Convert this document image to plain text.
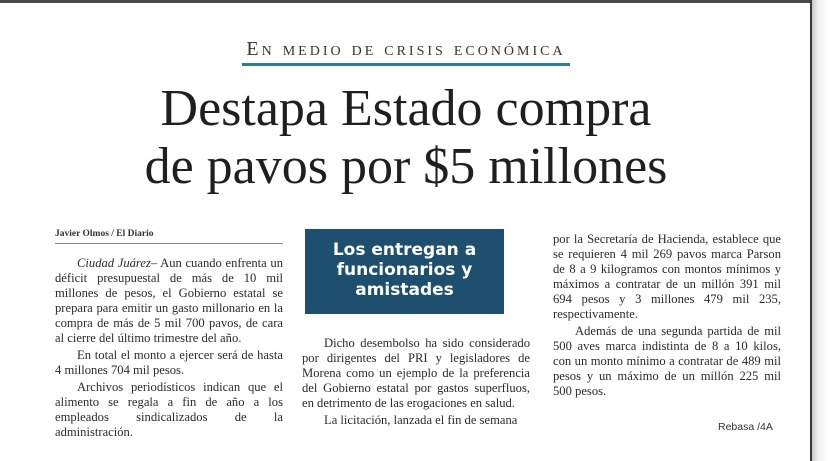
En medio de crisis económica
Destapa Estado compra
de pavos por $5 millones
Javier Olmos / El Diario

Ciudad Juárez– Aun cuando enfrenta un déficit presupuestal de más de 10 mil millones de pesos, el Gobierno estatal se prepara para emitir un gasto millonario en la compra de más de 5 mil 700 pavos, de cara al cierre del último trimestre del año.

En total el monto a ejercer será de hasta 4 millones 704 mil pesos.

Archivos periodísticos indican que el alimento se regala a fin de año a los empleados sindicalizados de la administración.

Los entregan a
funcionarios y
amistades

Dicho desembolso ha sido considerado por dirigentes del PRI y legisladores de Morena como un ejemplo de la preferencia del Gobierno estatal por gastos superfluos, en detrimento de las erogaciones en salud.

La licitación, lanzada el fin de semana

por la Secretaría de Hacienda, establece que se requieren 4 mil 269 pavos marca Parson de 8 a 9 kilogramos con montos mínimos y máximos a contratar de un millón 391 mil 694 pesos y 3 millones 479 mil 235, respectivamente.

Además de una segunda partida de mil 500 aves marca indistinta de 8 a 10 kilos, con un monto mínimo a contratar de 489 mil pesos y un máximo de un millón 225 mil 500 pesos.

Rebasa /4A
